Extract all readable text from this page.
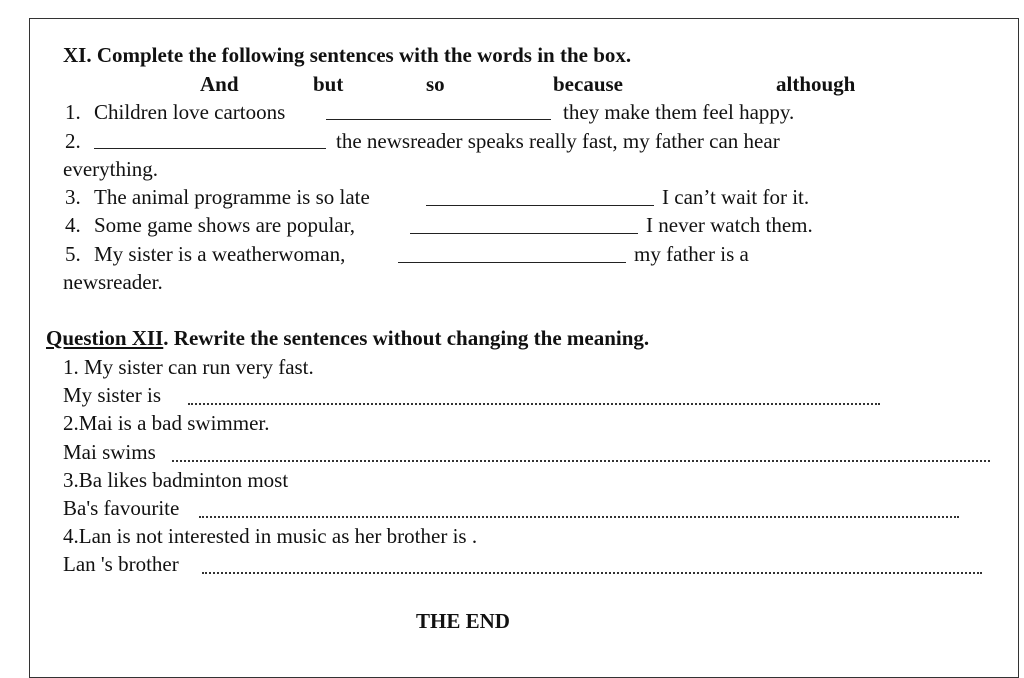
XI. Complete the following sentences with the words in the box.
And	but	so	because	although
1. Children love cartoons	they make them feel happy.
2.	the newsreader speaks really fast, my father can hear
everything.
3. The animal programme is so late	I can’t wait for it.
4. Some game shows are popular,	I never watch them.
5. My sister is a weatherwoman,	my father is a
newsreader.
Question XII. Rewrite the sentences without changing the meaning.
1. My sister can run very fast.
My sister is
2.Mai is a bad swimmer.
Mai swims
3.Ba likes badminton most
Ba's favourite
4.Lan is not interested in music as her brother is .
Lan 's brother
THE END
